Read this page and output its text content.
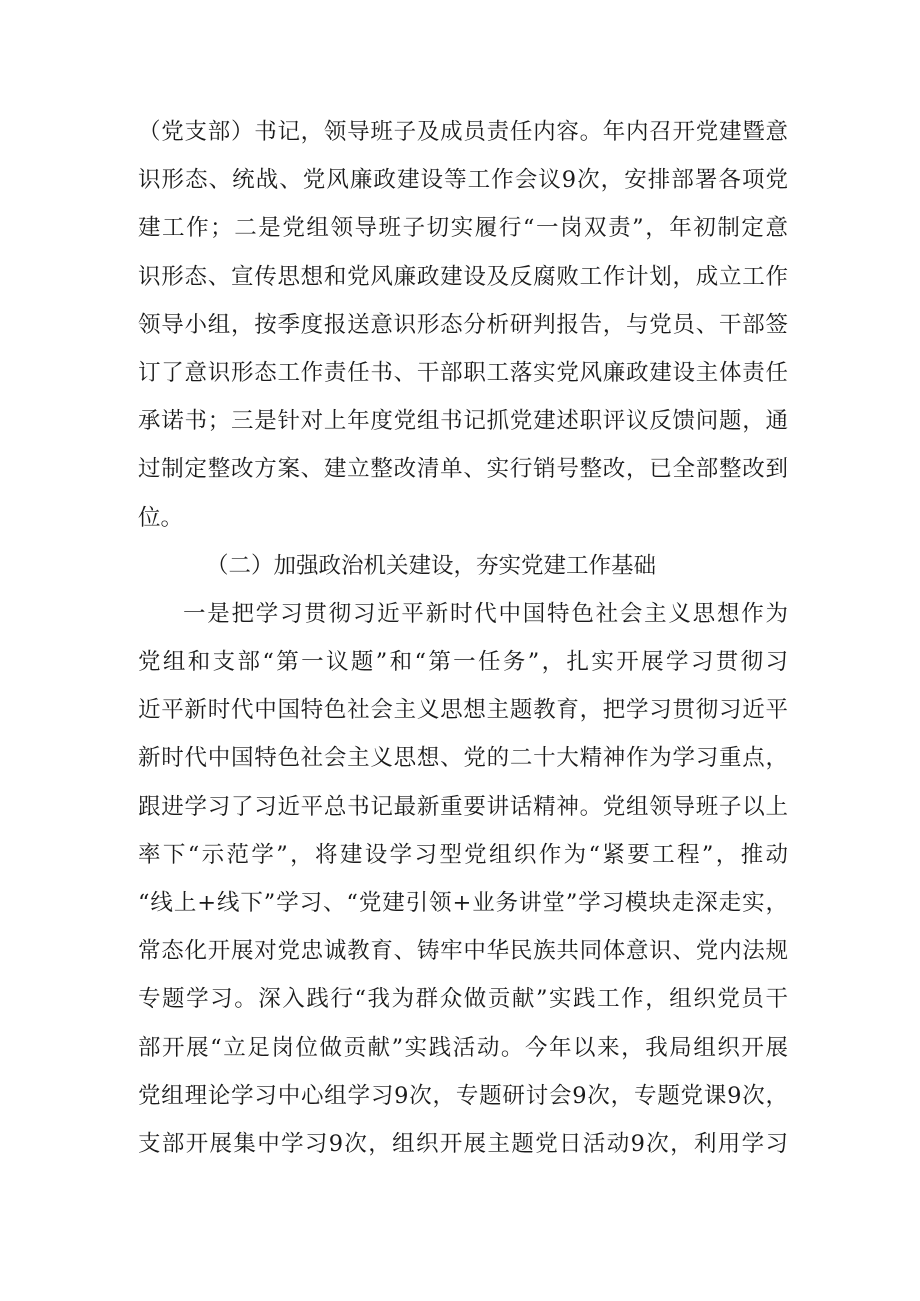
（党支部）书记，领导班子及成员责任内容。年内召开党建暨意
识形态、统战、党风廉政建设等工作会议9次，安排部署各项党
建工作；二是党组领导班子切实履行“一岗双责”，年初制定意
识形态、宣传思想和党风廉政建设及反腐败工作计划，成立工作
领导小组，按季度报送意识形态分析研判报告，与党员、干部签
订了意识形态工作责任书、干部职工落实党风廉政建设主体责任
承诺书；三是针对上年度党组书记抓党建述职评议反馈问题，通
过制定整改方案、建立整改清单、实行销号整改，已全部整改到
位。
（二）加强政治机关建设，夯实党建工作基础
一是把学习贯彻习近平新时代中国特色社会主义思想作为
党组和支部“第一议题”和“第一任务”，扎实开展学习贯彻习
近平新时代中国特色社会主义思想主题教育，把学习贯彻习近平
新时代中国特色社会主义思想、党的二十大精神作为学习重点，
跟进学习了习近平总书记最新重要讲话精神。党组领导班子以上
率下“示范学”，将建设学习型党组织作为“紧要工程”，推动
“线上+线下”学习、“党建引领+业务讲堂”学习模块走深走实，
常态化开展对党忠诚教育、铸牢中华民族共同体意识、党内法规
专题学习。深入践行“我为群众做贡献”实践工作，组织党员干
部开展“立足岗位做贡献”实践活动。今年以来，我局组织开展
党组理论学习中心组学习9次，专题研讨会9次，专题党课9次，
支部开展集中学习9次，组织开展主题党日活动9次，利用学习
